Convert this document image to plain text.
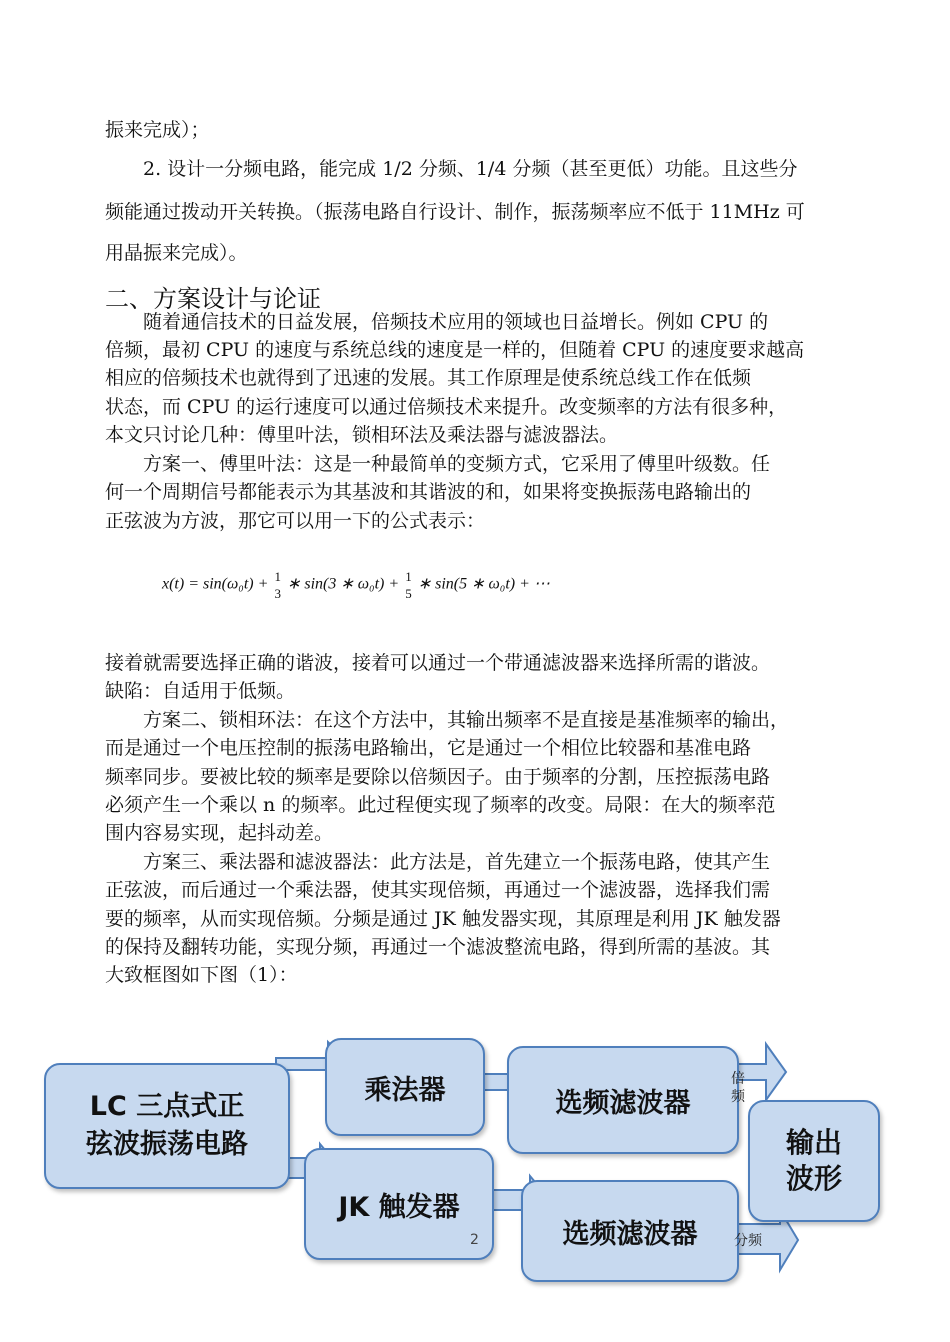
振来完成）；
　　2. 设计一分频电路，能完成 1/2 分频、1/4 分频（甚至更低）功能。且这些分
频能通过拨动开关转换。（振荡电路自行设计、制作，振荡频率应不低于 11MHz 可
用晶振来完成）。
二、方案设计与论证
　　随着通信技术的日益发展，倍频技术应用的领域也日益增长。例如 CPU 的
倍频，最初 CPU 的速度与系统总线的速度是一样的，但随着 CPU 的速度要求越高
相应的倍频技术也就得到了迅速的发展。其工作原理是使系统总线工作在低频
状态，而 CPU 的运行速度可以通过倍频技术来提升。改变频率的方法有很多种，
本文只讨论几种：傅里叶法，锁相环法及乘法器与滤波器法。
　　方案一、傅里叶法：这是一种最简单的变频方式，它采用了傅里叶级数。任
何一个周期信号都能表示为其基波和其谐波的和，如果将变换振荡电路输出的
正弦波为方波，那它可以用一下的公式表示：
x(t) = sin(ω₀t) + 1
3
∗ sin(3 ∗ ω₀t) + 1
5
∗ sin(5 ∗ ω₀t) + ⋯
接着就需要选择正确的谐波，接着可以通过一个带通滤波器来选择所需的谐波。
缺陷：自适用于低频。
　　方案二、锁相环法：在这个方法中，其输出频率不是直接是基准频率的输出，
而是通过一个电压控制的振荡电路输出，它是通过一个相位比较器和基准电路
频率同步。要被比较的频率是要除以倍频因子。由于频率的分割，压控振荡电路
必须产生一个乘以 n 的频率。此过程便实现了频率的改变。局限：在大的频率范
围内容易实现，起抖动差。
　　方案三、乘法器和滤波器法：此方法是，首先建立一个振荡电路，使其产生
正弦波，而后通过一个乘法器，使其实现倍频，再通过一个滤波器，选择我们需
要的频率，从而实现倍频。分频是通过 JK 触发器实现，其原理是利用 JK 触发器
的保持及翻转功能，实现分频，再通过一个滤波整流电路，得到所需的基波。其
大致框图如下图（1）：
LC 三点式正
弦波振荡电路
乘法器	选频滤波器
JK 触发器
选频滤波器
输出
波形
倍
频
分频
2
